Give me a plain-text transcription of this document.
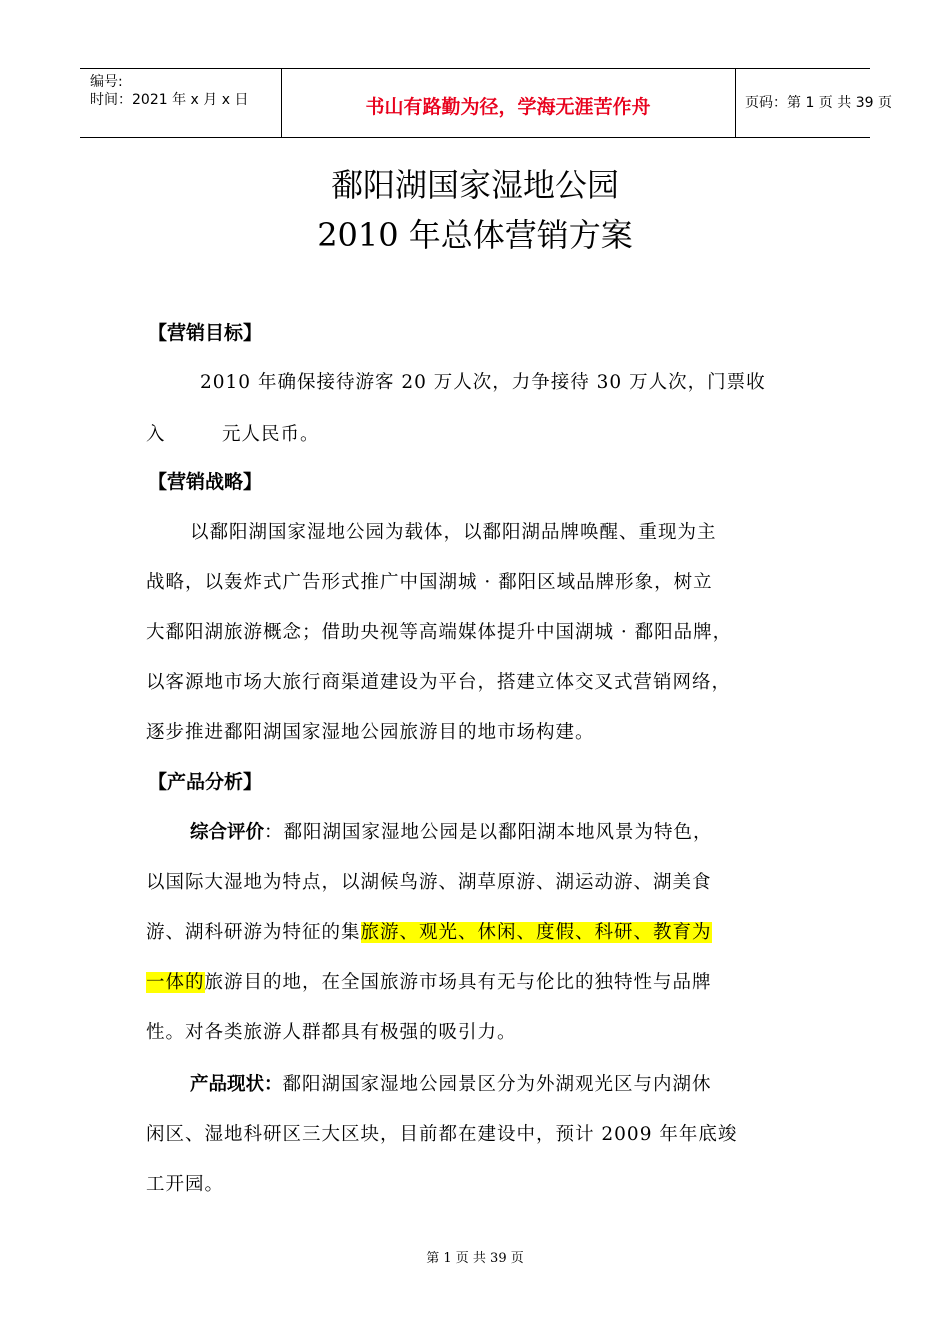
编号:
时间：2021 年 x 月 x 日	书山有路勤为径，学海无涯苦作舟	页码：第 1 页 共 39 页
鄱阳湖国家湿地公园
2010 年总体营销方案
【营销目标】
2010 年确保接待游客 20 万人次，力争接待 30 万人次，门票收
入	元人民币。
【营销战略】
以鄱阳湖国家湿地公园为载体，以鄱阳湖品牌唤醒、重现为主
战略，以轰炸式广告形式推广中国湖城 · 鄱阳区域品牌形象，树立
大鄱阳湖旅游概念；借助央视等高端媒体提升中国湖城 · 鄱阳品牌，
以客源地市场大旅行商渠道建设为平台，搭建立体交叉式营销网络，
逐步推进鄱阳湖国家湿地公园旅游目的地市场构建。
【产品分析】
综合评价：鄱阳湖国家湿地公园是以鄱阳湖本地风景为特色，
以国际大湿地为特点，以湖候鸟游、湖草原游、湖运动游、湖美食
游、湖科研游为特征的集旅游、观光、休闲、度假、科研、教育为
一体的旅游目的地，在全国旅游市场具有无与伦比的独特性与品牌
性。对各类旅游人群都具有极强的吸引力。
产品现状：鄱阳湖国家湿地公园景区分为外湖观光区与内湖休
闲区、湿地科研区三大区块，目前都在建设中，预计 2009 年年底竣
工开园。
第 1 页 共 39 页
